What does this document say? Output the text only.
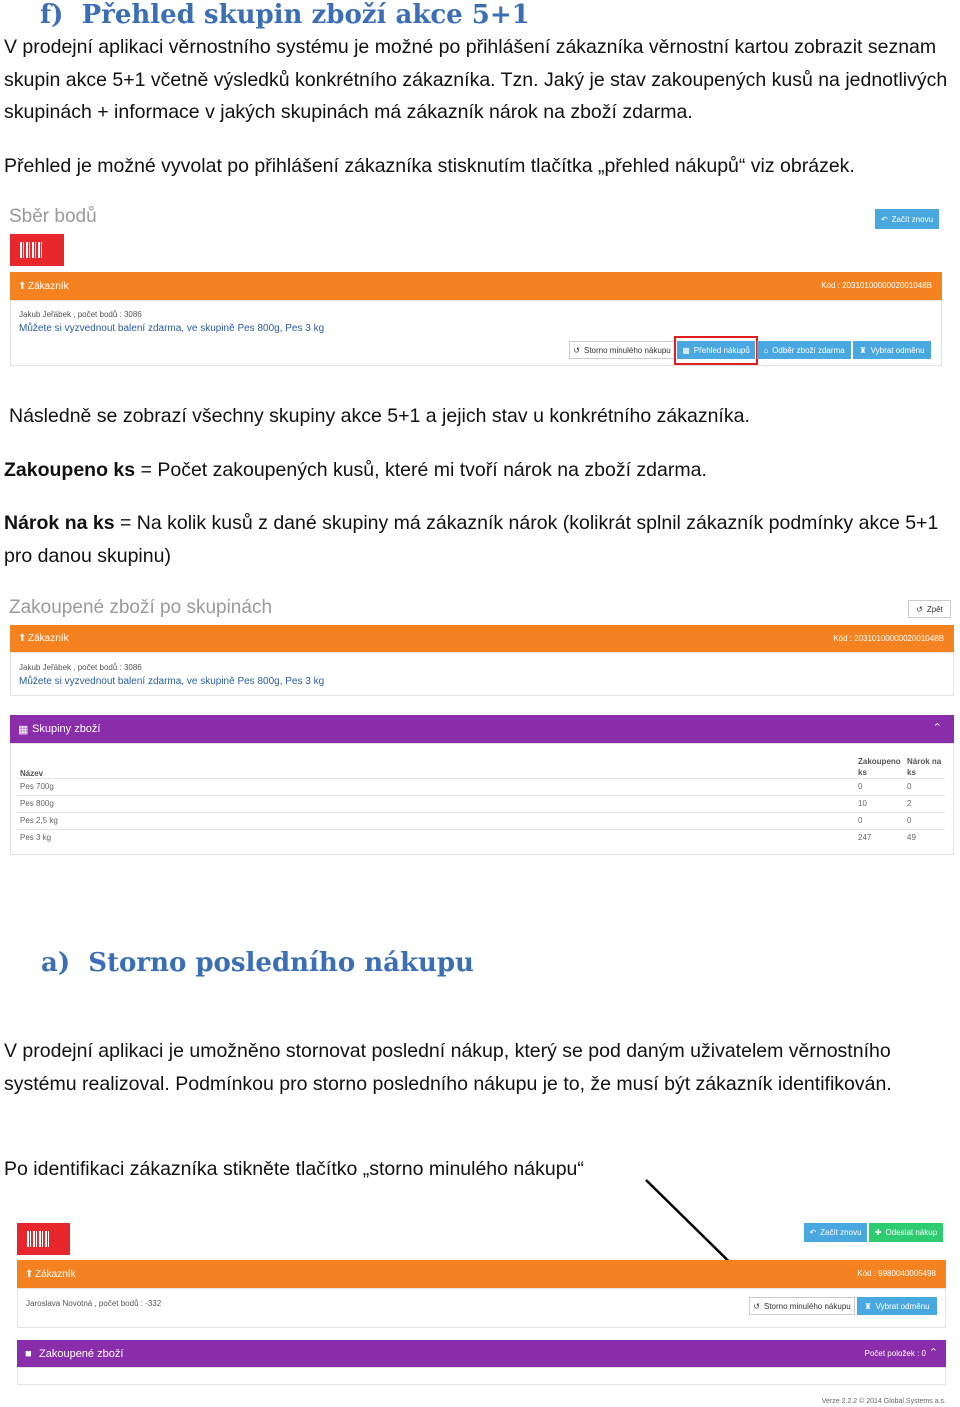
f)  Přehled skupin zboží akce 5+1
V prodejní aplikaci věrnostního systému je možné po přihlášení zákazníka věrnostní kartou zobrazit seznam skupin akce 5+1 včetně výsledků konkrétního zákazníka. Tzn. Jaký je stav zakoupených kusů na jednotlivých skupinách + informace v jakých skupinách má zákazník nárok na zboží zdarma.
Přehled je možné vyvolat po přihlášení zákazníka stisknutím tlačítka „přehled nákupů“ viz obrázek.
Sběr bodů	↶ Začít znovu
⬆ Zákazník	Kód : 2031010000002001048B
Jakub Jeřábek , počet bodů : 3086
Můžete si vyzvednout balení zdarma, ve skupině Pes 800g, Pes 3 kg
↺ Storno minulého nákupu ▦ Přehled nákupů ⌂ Odběr zboží zdarma ♜ Vybrat odměnu
Následně se zobrazí všechny skupiny akce 5+1 a jejich stav u konkrétního zákazníka.
Zakoupeno ks = Počet zakoupených kusů, které mi tvoří nárok na zboží zdarma.
Nárok na ks = Na kolik kusů z dané skupiny má zákazník nárok (kolikrát splnil zákazník podmínky akce 5+1 pro danou skupinu)
Zakoupené zboží po skupinách	↺ Zpět
⬆ Zákazník	Kód : 2031010000002001048B
Jakub Jeřábek , počet bodů : 3086
Můžete si vyzvednout balení zdarma, ve skupině Pes 800g, Pes 3 kg
▦ Skupiny zboží	⌃
Název	Zakoupeno ks	Nárok na ks
Pes 700g	0	0
Pes 800g	10	2
Pes 2,5 kg	0	0
Pes 3 kg	247	49
a)  Storno posledního nákupu
V prodejní aplikaci je umožněno stornovat poslední nákup, který se pod daným uživatelem věrnostního systému realizoval. Podmínkou pro storno posledního nákupu je to, že musí být zákazník identifikován.
Po identifikaci zákazníka stikněte tlačítko „storno minulého nákupu“
↶ Začít znovu ✚ Odeslat nákup
⬆ Zákazník	Kód : 9980040005498
Jaroslava Novotná , počet bodů : -332	↺ Storno minulého nákupu ♜ Vybrat odměnu
■ Zakoupené zboží	Počet položek : 0 ⌃
Verze 2.2.2 © 2014 Global Systems a.s.
